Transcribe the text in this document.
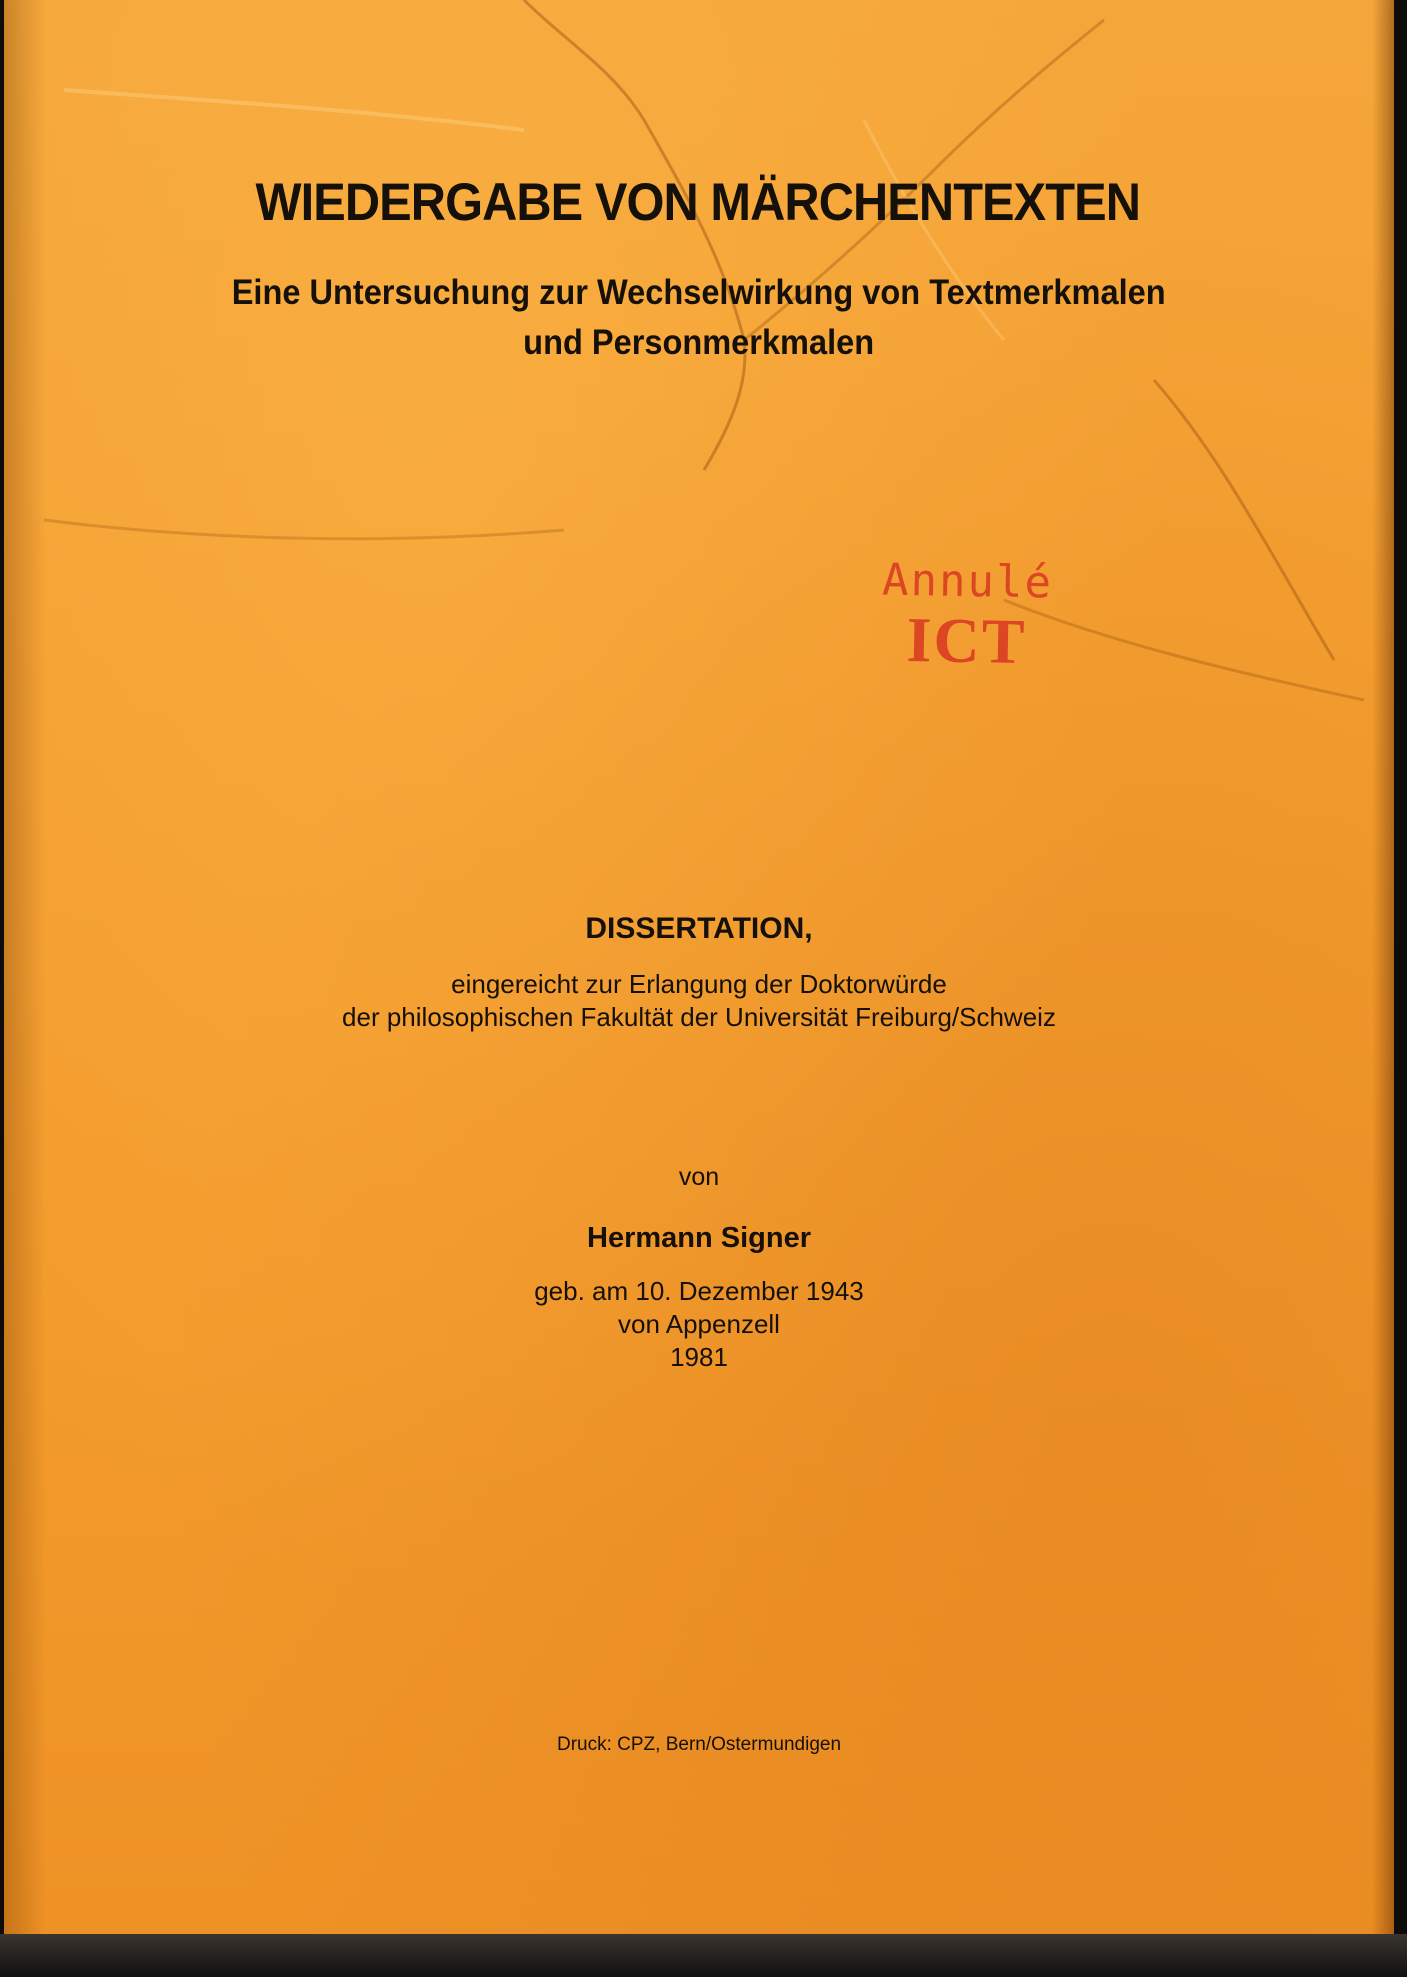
WIEDERGABE VON MÄRCHENTEXTEN
Eine Untersuchung zur Wechselwirkung von Textmerkmalen
und Personmerkmalen
Annulé
ICT
DISSERTATION,
eingereicht zur Erlangung der Doktorwürde
der philosophischen Fakultät der Universität Freiburg/Schweiz
von
Hermann Signer
geb. am 10. Dezember 1943
von Appenzell
1981
Druck: CPZ, Bern/Ostermundigen
